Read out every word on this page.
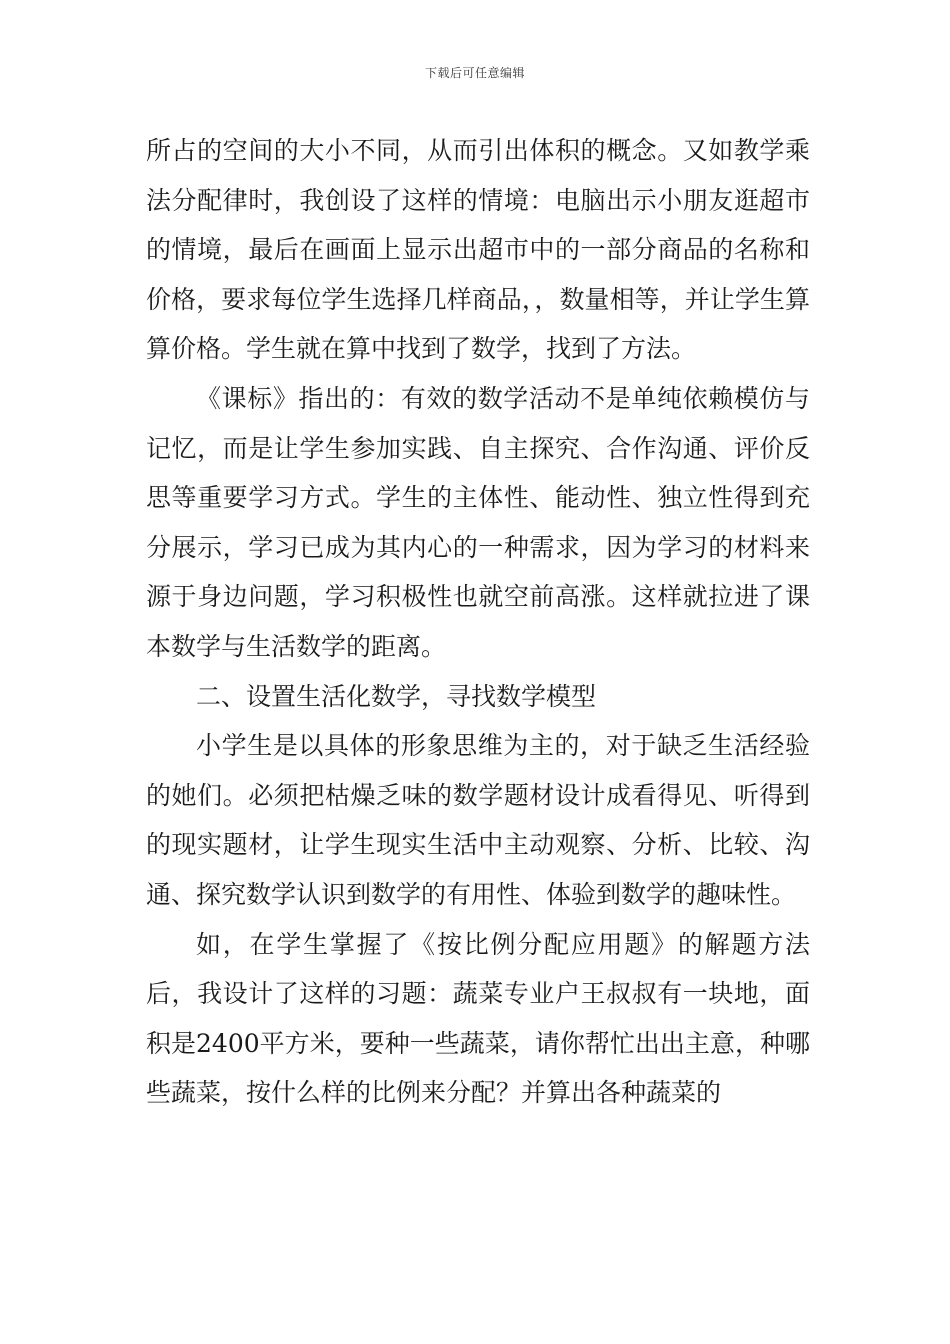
下载后可任意编辑

所占的空间的大小不同，从而引出体积的概念。又如教学乘法分配律时，我创设了这样的情境：电脑出示小朋友逛超市的情境，最后在画面上显示出超市中的一部分商品的名称和价格，要求每位学生选择几样商品，，数量相等，并让学生算算价格。学生就在算中找到了数学，找到了方法。

《课标》指出的：有效的数学活动不是单纯依赖模仿与记忆，而是让学生参加实践、自主探究、合作沟通、评价反思等重要学习方式。学生的主体性、能动性、独立性得到充分展示，学习已成为其内心的一种需求，因为学习的材料来源于身边问题，学习积极性也就空前高涨。这样就拉进了课本数学与生活数学的距离。

二、设置生活化数学，寻找数学模型

小学生是以具体的形象思维为主的，对于缺乏生活经验的她们。必须把枯燥乏味的数学题材设计成看得见、听得到的现实题材，让学生现实生活中主动观察、分析、比较、沟通、探究数学认识到数学的有用性、体验到数学的趣味性。

如，在学生掌握了《按比例分配应用题》的解题方法后，我设计了这样的习题：蔬菜专业户王叔叔有一块地，面积是2400平方米，要种一些蔬菜，请你帮忙出出主意，种哪些蔬菜，按什么样的比例来分配？并算出各种蔬菜的
